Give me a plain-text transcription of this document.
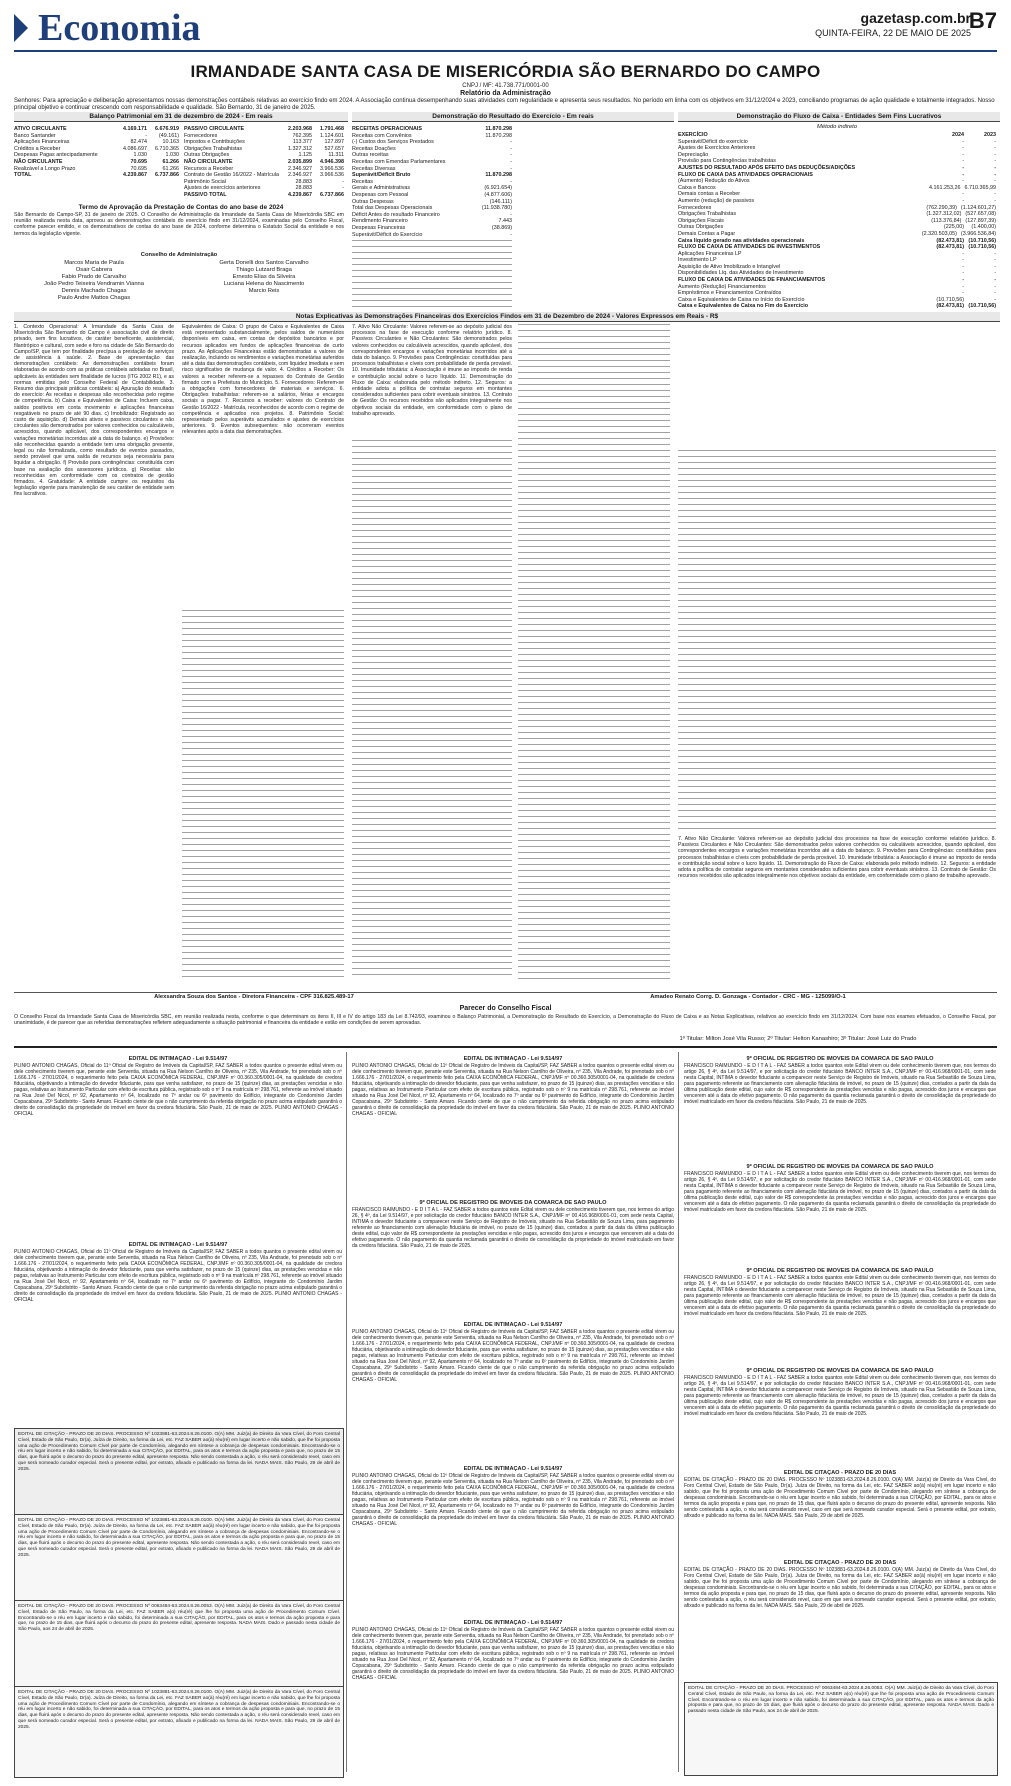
Economia	gazetasp.com.br
QUINTA-FEIRA, 22 DE MAIO DE 2025
B7
IRMANDADE SANTA CASA DE MISERICÓRDIA SÃO BERNARDO DO CAMPO
CNPJ / MF: 41.738.771/0001-00
Relatório da Administração
Senhores: Para apreciação e deliberação apresentamos nossas demonstrações contábeis relativas ao exercício findo em 2024. A Associação continua desempenhando suas atividades com regularidade e apresenta seus resultados. No período em linha com os objetivos em 31/12/2024 e 2023, conciliando programas de ação qualidade e totalmente integrados. Nosso principal objetivo e continuar crescendo com responsabilidade e qualidade. São Bernardo, 31 de janeiro de 2025.
Balanço Patrimonial em 31 de dezembro de 2024 - Em reais	Demonstração do Resultado do Exercício - Em reais	Demonstração do Fluxo de Caixa - Entidades Sem Fins Lucrativos
ATIVO CIRCULANTE	4.169.171	6.676.919
Banco Santander	-	(49.161)
Aplicações Financeiras	82.474	10.163
Créditos a Receber	4.086.697	6.710.365
Despesas Pagas antecipadamente	1.030	1.030
NÃO CIRCULANTE	70.695	61.266
Realizável a Longo Prazo	70.695	61.266
TOTAL	4.239.867	6.737.866
PASSIVO CIRCULANTE	2.203.968	1.791.468
Fornecedores	762.395	1.124.601
Impostos e Contribuições	113.377	127.897
Obrigações Trabalhistas	1.327.312	527.657
Outras Obrigações	1.125	11.311
NÃO CIRCULANTE	2.035.899	4.946.398
Recursos a Receber	2.346.927	3.966.536
Contrato de Gestão 16/2022 - Matrícula	2.346.927	3.966.536
Patrimônio Social	28.883	-
Ajustes de exercícios anteriores	28.883	-
PASSIVO TOTAL	4.239.867	6.737.866
Termo de Aprovação da Prestação de Contas do ano base de 2024
São Bernardo do Campo-SP, 31 de janeiro de 2025. O Conselho de Administração da Irmandade da Santa Casa de Misericórdia SBC em reunião realizada nesta data, aprovou as demonstrações contábeis do exercício findo em 31/12/2024, examinadas pelo Conselho Fiscal, conforme parecer emitido, e os demonstrativos de contas do ano base de 2024, conforme determina o Estatuto Social da entidade e nos termos da legislação vigente.
Conselho de Administração
Marcos Maria de Paula
Osair Cabrera
Fabio Prado de Carvalho
João Pedro Teixeira Vendramin Vianna
Dennis Machado Chagas
Paulo Andre Mattos Chagas
Gerta Donelli dos Santos Carvalho
Thiago Lutzard Braga
Ernesto Elias da Silveira
Luciana Helena do Nascimento
Marcio Reis
Notas Explicativas às Demonstrações Financeiras dos Exercícios Findos em 31 de Dezembro de 2024 - Valores Expressos em Reais - R$
1. Contexto Operacional: A Irmandade da Santa Casa de Misericórdia São Bernardo do Campo é associação civil de direito privado, sem fins lucrativos, de caráter beneficente, assistencial, filantrópico e cultural, com sede e foro na cidade de São Bernardo do Campo/SP, que tem por finalidade precípua a prestação de serviços de assistência à saúde. 2. Base de apresentação das demonstrações contábeis: As demonstrações contábeis foram elaboradas de acordo com as práticas contábeis adotadas no Brasil, aplicáveis às entidades sem finalidade de lucros (ITG 2002 R1), e as normas emitidas pelo Conselho Federal de Contabilidade. 3. Resumo das principais práticas contábeis: a) Apuração do resultado do exercício: As receitas e despesas são reconhecidas pelo regime de competência. b) Caixa e Equivalentes de Caixa: Incluem caixa, saldos positivos em conta movimento e aplicações financeiras resgatáveis no prazo de até 90 dias. c) Imobilizado: Registrado ao custo de aquisição. d) Demais ativos e passivos circulantes e não circulantes são demonstrados por valores conhecidos ou calculáveis, acrescidos, quando aplicável, dos correspondentes encargos e variações monetárias incorridas até a data do balanço. e) Provisões: são reconhecidas quando a entidade tem uma obrigação presente, legal ou não formalizada, como resultado de eventos passados, sendo provável que uma saída de recursos seja necessária para liquidar a obrigação. f) Provisão para contingências: constituída com base na avaliação dos assessores jurídicos. g) Receitas: são reconhecidas em conformidade com os contratos de gestão firmados. 4. Gratuidade: A entidade cumpre os requisitos da legislação vigente para manutenção de seu caráter de entidade sem fins lucrativos.
Equivalentes de Caixa: O grupo de Caixa e Equivalentes de Caixa está representado substancialmente, pelos saldos de numerários disponíveis em caixa, em contas de depósitos bancários e por recursos aplicados em fundos de aplicações financeiras de curto prazo. As Aplicações Financeiras estão demonstradas a valores de realização, incluindo os rendimentos e variações monetárias auferidos até a data das demonstrações contábeis, com liquidez imediata e sem risco significativo de mudança de valor. 4. Créditos a Receber: Os valores a receber referem-se a repasses do Contrato de Gestão firmado com a Prefeitura do Município. 5. Fornecedores: Referem-se a obrigações com fornecedores de materiais e serviços. 6. Obrigações trabalhistas: referem-se a salários, férias e encargos sociais a pagar. 7. Recursos a receber: valores do Contrato de Gestão 16/2022 - Matrícula, reconhecidos de acordo com o regime de competência e aplicados nos projetos. 8. Patrimônio Social: representado pelos superávits acumulados e ajustes de exercícios anteriores. 9. Eventos subsequentes: não ocorreram eventos relevantes após a data das demonstrações.
RECEITAS OPERACIONAIS	11.870.298
Receitas com Convênios	11.870.298
(-) Custos dos Serviços Prestados	-
Receitas Doações	-
Outras receitas	-
Receitas com Emendas Parlamentares	-
Receitas Diversas	-
Superávit/Déficit Bruto	11.870.298
Receitas	-
Gerais e Administrativas	(6.921.654)
Despesas com Pessoal	(4.877.606)
Outras Despesas	(146.111)
Total das Despesas Operacionais	(11.938.780)
Déficit Antes do resultado Financeiro	-
Rendimento Financeiro	7.443
Despesas Financeiras	(38.869)
Superávit/Déficit do Exercício	-
7. Ativo Não Circulante: Valores referem-se ao depósito judicial dos processos na fase de execução conforme relatório jurídico. 8. Passivos Circulantes e Não Circulantes: São demonstrados pelos valores conhecidos ou calculáveis acrescidos, quando aplicável, dos correspondentes encargos e variações monetárias incorridos até a data do balanço. 9. Provisões para Contingências: constituídas para processos trabalhistas e cíveis com probabilidade de perda provável. 10. Imunidade tributária: a Associação é imune ao imposto de renda e contribuição social sobre o lucro líquido. 11. Demonstração do Fluxo de Caixa: elaborada pelo método indireto. 12. Seguros: a entidade adota a política de contratar seguros em montantes considerados suficientes para cobrir eventuais sinistros. 13. Contrato de Gestão: Os recursos recebidos são aplicados integralmente nos objetivos sociais da entidade, em conformidade com o plano de trabalho aprovado.
Método indireto
EXERCÍCIO	2024	2023
Superávit/Déficit do exercício	-	-
Ajustes de Exercícios Anteriores	-	-
Depreciação	-	-
Provisão para Contingências trabalhistas	-	-
AJUSTES DO RESULTADO APÓS EFEITO DAS DEDUÇÕES/ADIÇÕES	-	-
FLUXO DE CAIXA DAS ATIVIDADES OPERACIONAIS	-	-
(Aumento) Redução do Ativos	-	-
Caixa e Bancos	4.161.253,26 6.710.365,99
Demais contas a Receber	-	-
Aumento (redução) de passivos	-	-
Fornecedores	(762.290,39) (1.124.601,27)
Obrigações Trabalhistas	(1.327.312,02) (527.657,08)
Obrigações Fiscais	(113.376,84) (127.897,39)
Outras Obrigações	(225,00)	(1.400,00)
Demais Contas a Pagar	(2.320.503,05) (3.966.536,84)
Caixa líquido gerado nas atividades operacionais	(82.473,81) (10.710,56)
FLUXO DE CAIXA DE ATIVIDADES DE INVESTIMENTOS	(82.473,81) (10.710,56)
Aplicações Financeiras LP	-	-
Investimento LP	-	-
Aquisição de Ativo Imobilizado e Intangível	-	-
Disponibilidades Líq. das Atividades de Investimento	-	-
FLUXO DE CAIXA DE ATIVIDADES DE FINANCIAMENTOS	-	-
Aumento (Redução) Financiamentos	-	-
Empréstimos e Financiamentos Contraídos	-	-
Caixa e Equivalentes de Caixa no Início do Exercício	(10.710,56)	-
Caixa e Equivalentes de Caixa no Fim do Exercício	(82.473,81) (10.710,56)
7. Ativo Não Circulante: Valores referem-se ao depósito judicial dos processos na fase de execução conforme relatório jurídico. 8. Passivos Circulantes e Não Circulantes: São demonstrados pelos valores conhecidos ou calculáveis acrescidos, quando aplicável, dos correspondentes encargos e variações monetárias incorridos até a data do balanço. 9. Provisões para Contingências: constituídas para processos trabalhistas e cíveis com probabilidade de perda provável. 10. Imunidade tributária: a Associação é imune ao imposto de renda e contribuição social sobre o lucro líquido. 11. Demonstração do Fluxo de Caixa: elaborada pelo método indireto. 12. Seguros: a entidade adota a política de contratar seguros em montantes considerados suficientes para cobrir eventuais sinistros. 13. Contrato de Gestão: Os recursos recebidos são aplicados integralmente nos objetivos sociais da entidade, em conformidade com o plano de trabalho aprovado.
Alexsandra Souza dos Santos - Diretora Financeira - CPF 316.825.489-17	Amadeo Renato Corrg. D. Gonzaga - Contador - CRC - MG - 125099/O-1
Parecer do Conselho Fiscal
O Conselho Fiscal da Irmandade Santa Casa de Misericórdia SBC, em reunião realizada nesta, conforme o que determinam os itens II, III e IV do artigo 183 da Lei 8.742/93, examinou o Balanço Patrimonial, a Demonstração do Resultado do Exercício, a Demonstração do Fluxo de Caixa e as Notas Explicativas, relativos ao exercício findo em 31/12/2024. Com base nos exames efetuados, o Conselho Fiscal, por unanimidade, é de parecer que as referidas demonstrações refletem adequadamente a situação patrimonial e financeira da entidade e estão em condições de serem aprovadas.
1º Titular: Milton José Vila Russo; 2º Titular: Helton Kanashiro; 3º Titular: José Luiz do Prado
EDITAL DE INTIMAÇÃO - Lei 9.514/97
PLINIO ANTONIO CHAGAS, Oficial do 11º Oficial de Registro de Imóveis da Capital/SP, FAZ SABER a todos quantos o presente edital virem ou dele conhecimento tiverem que, perante este Serventia, situada na Rua Nelson Carrilho de Oliveira, nº 235, Vila Andrade, foi prenotado sob o nº 1.666.176 - 27/01/2024, o requerimento feito pela CAIXA ECONÔMICA FEDERAL, CNPJ/MF nº 00.360.305/0001-04, na qualidade de credora fiduciária, objetivando a intimação do devedor fiduciante, para que venha satisfazer, no prazo de 15 (quinze) dias, as prestações vencidas e não pagas, relativas ao Instrumento Particular com efeito de escritura pública, registrado sob o nº 9 na matrícula nº 298.761, referente ao imóvel situado na Rua José Del Nicol, nº 92, Apartamento nº 64, localizado no 7º andar ou 6º pavimento do Edifício, integrante do Condomínio Jardim Copacabana, 29º Subdistrito - Santo Amaro. Ficando ciente de que o não cumprimento da referida obrigação no prazo acima estipulado garantirá o direito de consolidação da propriedade do imóvel em favor da credora fiduciária. São Paulo, 21 de maio de 2025. PLINIO ANTONIO CHAGAS - OFICIAL
EDITAL DE INTIMAÇÃO - Lei 9.514/97
PLINIO ANTONIO CHAGAS, Oficial do 11º Oficial de Registro de Imóveis da Capital/SP, FAZ SABER a todos quantos o presente edital virem ou dele conhecimento tiverem que, perante este Serventia, situada na Rua Nelson Carrilho de Oliveira, nº 235, Vila Andrade, foi prenotado sob o nº 1.666.176 - 27/01/2024, o requerimento feito pela CAIXA ECONÔMICA FEDERAL, CNPJ/MF nº 00.360.305/0001-04, na qualidade de credora fiduciária, objetivando a intimação do devedor fiduciante, para que venha satisfazer, no prazo de 15 (quinze) dias, as prestações vencidas e não pagas, relativas ao Instrumento Particular com efeito de escritura pública, registrado sob o nº 9 na matrícula nº 298.761, referente ao imóvel situado na Rua José Del Nicol, nº 92, Apartamento nº 64, localizado no 7º andar ou 6º pavimento do Edifício, integrante do Condomínio Jardim Copacabana, 29º Subdistrito - Santo Amaro. Ficando ciente de que o não cumprimento da referida obrigação no prazo acima estipulado garantirá o direito de consolidação da propriedade do imóvel em favor da credora fiduciária. São Paulo, 21 de maio de 2025. PLINIO ANTONIO CHAGAS - OFICIAL
EDITAL DE CITAÇÃO - PRAZO DE 20 DIAS. PROCESSO Nº 1023881-63.2024.8.26.0100. O(A) MM. Juiz(a) de Direito da Vara Cível, do Foro Central Cível, Estado de São Paulo, Dr(a). Juíza de Direito, na forma da Lei, etc. FAZ SABER ao(à) réu(ré) em lugar incerto e não sabido, que lhe foi proposta uma ação de Procedimento Comum Cível por parte de Condomínio, alegando em síntese a cobrança de despesas condominiais. Encontrando-se o réu em lugar incerto e não sabido, foi determinada a sua CITAÇÃO, por EDITAL, para os atos e termos da ação proposta e para que, no prazo de 15 dias, que fluirá após o decurso do prazo do presente edital, apresente resposta. Não sendo contestada a ação, o réu será considerado revel, caso em que será nomeado curador especial. Será o presente edital, por extrato, afixado e publicado na forma da lei. NADA MAIS. São Paulo, 29 de abril de 2025.
EDITAL DE CITAÇÃO - PRAZO DE 20 DIAS. PROCESSO Nº 1023881-63.2024.8.26.0100. O(A) MM. Juiz(a) de Direito da Vara Cível, do Foro Central Cível, Estado de São Paulo, Dr(a). Juíza de Direito, na forma da Lei, etc. FAZ SABER ao(à) réu(ré) em lugar incerto e não sabido, que lhe foi proposta uma ação de Procedimento Comum Cível por parte de Condomínio, alegando em síntese a cobrança de despesas condominiais. Encontrando-se o réu em lugar incerto e não sabido, foi determinada a sua CITAÇÃO, por EDITAL, para os atos e termos da ação proposta e para que, no prazo de 15 dias, que fluirá após o decurso do prazo do presente edital, apresente resposta. Não sendo contestada a ação, o réu será considerado revel, caso em que será nomeado curador especial. Será o presente edital, por extrato, afixado e publicado na forma da lei. NADA MAIS. São Paulo, 29 de abril de 2025.
EDITAL DE CITAÇÃO - PRAZO DE 20 DIAS. PROCESSO Nº 0063484-63.2024.8.26.0053. O(A) MM. Juiz(a) de Direito da Vara Cível, do Foro Central Cível, Estado de São Paulo, na forma da Lei, etc. FAZ SABER a(o) réu(ré) que lhe foi proposta uma ação de Procedimento Comum Cível. Encontrando-se o réu em lugar incerto e não sabido, foi determinada a sua CITAÇÃO, por EDITAL, para os atos e termos da ação proposta e para que, no prazo de 15 dias, que fluirá após o decurso do prazo do presente edital, apresente resposta. NADA MAIS. Dado e passado nesta cidade de São Paulo, aos 24 de abril de 2025.
EDITAL DE CITAÇÃO - PRAZO DE 20 DIAS. PROCESSO Nº 1023881-63.2024.8.26.0100. O(A) MM. Juiz(a) de Direito da Vara Cível, do Foro Central Cível, Estado de São Paulo, Dr(a). Juíza de Direito, na forma da Lei, etc. FAZ SABER ao(à) réu(ré) em lugar incerto e não sabido, que lhe foi proposta uma ação de Procedimento Comum Cível por parte de Condomínio, alegando em síntese a cobrança de despesas condominiais. Encontrando-se o réu em lugar incerto e não sabido, foi determinada a sua CITAÇÃO, por EDITAL, para os atos e termos da ação proposta e para que, no prazo de 15 dias, que fluirá após o decurso do prazo do presente edital, apresente resposta. Não sendo contestada a ação, o réu será considerado revel, caso em que será nomeado curador especial. Será o presente edital, por extrato, afixado e publicado na forma da lei. NADA MAIS. São Paulo, 29 de abril de 2025.
EDITAL DE INTIMAÇÃO - Lei 9.514/97
PLINIO ANTONIO CHAGAS, Oficial do 11º Oficial de Registro de Imóveis da Capital/SP, FAZ SABER a todos quantos o presente edital virem ou dele conhecimento tiverem que, perante este Serventia, situada na Rua Nelson Carrilho de Oliveira, nº 235, Vila Andrade, foi prenotado sob o nº 1.666.176 - 27/01/2024, o requerimento feito pela CAIXA ECONÔMICA FEDERAL, CNPJ/MF nº 00.360.305/0001-04, na qualidade de credora fiduciária, objetivando a intimação do devedor fiduciante, para que venha satisfazer, no prazo de 15 (quinze) dias, as prestações vencidas e não pagas, relativas ao Instrumento Particular com efeito de escritura pública, registrado sob o nº 9 na matrícula nº 298.761, referente ao imóvel situado na Rua José Del Nicol, nº 92, Apartamento nº 64, localizado no 7º andar ou 6º pavimento do Edifício, integrante do Condomínio Jardim Copacabana, 29º Subdistrito - Santo Amaro. Ficando ciente de que o não cumprimento da referida obrigação no prazo acima estipulado garantirá o direito de consolidação da propriedade do imóvel em favor da credora fiduciária. São Paulo, 21 de maio de 2025. PLINIO ANTONIO CHAGAS - OFICIAL
9º OFICIAL DE REGISTRO DE IMÓVEIS DA COMARCA DE SÃO PAULO
FRANCISCO RAIMUNDO - E D I T A L - FAZ SABER a todos quantos este Edital virem ou dele conhecimento tiverem que, nos termos do artigo 26, § 4º, da Lei 9.514/97, e por solicitação do credor fiduciário BANCO INTER S.A., CNPJ/MF nº 00.416.968/0001-01, com sede nesta Capital, INTIMA o devedor fiduciante a comparecer neste Serviço de Registro de Imóveis, situado na Rua Sebastião de Souza Lima, para pagamento referente ao financiamento com alienação fiduciária de imóvel, no prazo de 15 (quinze) dias, contados a partir da data da última publicação deste edital, cujo valor de R$ correspondente às prestações vencidas e não pagas, acrescido dos juros e encargos que vencerem até a data do efetivo pagamento. O não pagamento da quantia reclamada garantirá o direito de consolidação da propriedade do imóvel matriculado em favor da credora fiduciária. São Paulo, 21 de maio de 2025.
EDITAL DE INTIMAÇÃO - Lei 9.514/97
PLINIO ANTONIO CHAGAS, Oficial do 11º Oficial de Registro de Imóveis da Capital/SP, FAZ SABER a todos quantos o presente edital virem ou dele conhecimento tiverem que, perante este Serventia, situada na Rua Nelson Carrilho de Oliveira, nº 235, Vila Andrade, foi prenotado sob o nº 1.666.176 - 27/01/2024, o requerimento feito pela CAIXA ECONÔMICA FEDERAL, CNPJ/MF nº 00.360.305/0001-04, na qualidade de credora fiduciária, objetivando a intimação do devedor fiduciante, para que venha satisfazer, no prazo de 15 (quinze) dias, as prestações vencidas e não pagas, relativas ao Instrumento Particular com efeito de escritura pública, registrado sob o nº 9 na matrícula nº 298.761, referente ao imóvel situado na Rua José Del Nicol, nº 92, Apartamento nº 64, localizado no 7º andar ou 6º pavimento do Edifício, integrante do Condomínio Jardim Copacabana, 29º Subdistrito - Santo Amaro. Ficando ciente de que o não cumprimento da referida obrigação no prazo acima estipulado garantirá o direito de consolidação da propriedade do imóvel em favor da credora fiduciária. São Paulo, 21 de maio de 2025. PLINIO ANTONIO CHAGAS - OFICIAL
EDITAL DE INTIMAÇÃO - Lei 9.514/97
PLINIO ANTONIO CHAGAS, Oficial do 11º Oficial de Registro de Imóveis da Capital/SP, FAZ SABER a todos quantos o presente edital virem ou dele conhecimento tiverem que, perante este Serventia, situada na Rua Nelson Carrilho de Oliveira, nº 235, Vila Andrade, foi prenotado sob o nº 1.666.176 - 27/01/2024, o requerimento feito pela CAIXA ECONÔMICA FEDERAL, CNPJ/MF nº 00.360.305/0001-04, na qualidade de credora fiduciária, objetivando a intimação do devedor fiduciante, para que venha satisfazer, no prazo de 15 (quinze) dias, as prestações vencidas e não pagas, relativas ao Instrumento Particular com efeito de escritura pública, registrado sob o nº 9 na matrícula nº 298.761, referente ao imóvel situado na Rua José Del Nicol, nº 92, Apartamento nº 64, localizado no 7º andar ou 6º pavimento do Edifício, integrante do Condomínio Jardim Copacabana, 29º Subdistrito - Santo Amaro. Ficando ciente de que o não cumprimento da referida obrigação no prazo acima estipulado garantirá o direito de consolidação da propriedade do imóvel em favor da credora fiduciária. São Paulo, 21 de maio de 2025. PLINIO ANTONIO CHAGAS - OFICIAL
EDITAL DE INTIMAÇÃO - Lei 9.514/97
PLINIO ANTONIO CHAGAS, Oficial do 11º Oficial de Registro de Imóveis da Capital/SP, FAZ SABER a todos quantos o presente edital virem ou dele conhecimento tiverem que, perante este Serventia, situada na Rua Nelson Carrilho de Oliveira, nº 235, Vila Andrade, foi prenotado sob o nº 1.666.176 - 27/01/2024, o requerimento feito pela CAIXA ECONÔMICA FEDERAL, CNPJ/MF nº 00.360.305/0001-04, na qualidade de credora fiduciária, objetivando a intimação do devedor fiduciante, para que venha satisfazer, no prazo de 15 (quinze) dias, as prestações vencidas e não pagas, relativas ao Instrumento Particular com efeito de escritura pública, registrado sob o nº 9 na matrícula nº 298.761, referente ao imóvel situado na Rua José Del Nicol, nº 92, Apartamento nº 64, localizado no 7º andar ou 6º pavimento do Edifício, integrante do Condomínio Jardim Copacabana, 29º Subdistrito - Santo Amaro. Ficando ciente de que o não cumprimento da referida obrigação no prazo acima estipulado garantirá o direito de consolidação da propriedade do imóvel em favor da credora fiduciária. São Paulo, 21 de maio de 2025. PLINIO ANTONIO CHAGAS - OFICIAL
9º OFICIAL DE REGISTRO DE IMÓVEIS DA COMARCA DE SÃO PAULO
FRANCISCO RAIMUNDO - E D I T A L - FAZ SABER a todos quantos este Edital virem ou dele conhecimento tiverem que, nos termos do artigo 26, § 4º, da Lei 9.514/97, e por solicitação do credor fiduciário BANCO INTER S.A., CNPJ/MF nº 00.416.968/0001-01, com sede nesta Capital, INTIMA o devedor fiduciante a comparecer neste Serviço de Registro de Imóveis, situado na Rua Sebastião de Souza Lima, para pagamento referente ao financiamento com alienação fiduciária de imóvel, no prazo de 15 (quinze) dias, contados a partir da data da última publicação deste edital, cujo valor de R$ correspondente às prestações vencidas e não pagas, acrescido dos juros e encargos que vencerem até a data do efetivo pagamento. O não pagamento da quantia reclamada garantirá o direito de consolidação da propriedade do imóvel matriculado em favor da credora fiduciária. São Paulo, 21 de maio de 2025.
9º OFICIAL DE REGISTRO DE IMÓVEIS DA COMARCA DE SÃO PAULO
FRANCISCO RAIMUNDO - E D I T A L - FAZ SABER a todos quantos este Edital virem ou dele conhecimento tiverem que, nos termos do artigo 26, § 4º, da Lei 9.514/97, e por solicitação do credor fiduciário BANCO INTER S.A., CNPJ/MF nº 00.416.968/0001-01, com sede nesta Capital, INTIMA o devedor fiduciante a comparecer neste Serviço de Registro de Imóveis, situado na Rua Sebastião de Souza Lima, para pagamento referente ao financiamento com alienação fiduciária de imóvel, no prazo de 15 (quinze) dias, contados a partir da data da última publicação deste edital, cujo valor de R$ correspondente às prestações vencidas e não pagas, acrescido dos juros e encargos que vencerem até a data do efetivo pagamento. O não pagamento da quantia reclamada garantirá o direito de consolidação da propriedade do imóvel matriculado em favor da credora fiduciária. São Paulo, 21 de maio de 2025.
9º OFICIAL DE REGISTRO DE IMÓVEIS DA COMARCA DE SÃO PAULO
FRANCISCO RAIMUNDO - E D I T A L - FAZ SABER a todos quantos este Edital virem ou dele conhecimento tiverem que, nos termos do artigo 26, § 4º, da Lei 9.514/97, e por solicitação do credor fiduciário BANCO INTER S.A., CNPJ/MF nº 00.416.968/0001-01, com sede nesta Capital, INTIMA o devedor fiduciante a comparecer neste Serviço de Registro de Imóveis, situado na Rua Sebastião de Souza Lima, para pagamento referente ao financiamento com alienação fiduciária de imóvel, no prazo de 15 (quinze) dias, contados a partir da data da última publicação deste edital, cujo valor de R$ correspondente às prestações vencidas e não pagas, acrescido dos juros e encargos que vencerem até a data do efetivo pagamento. O não pagamento da quantia reclamada garantirá o direito de consolidação da propriedade do imóvel matriculado em favor da credora fiduciária. São Paulo, 21 de maio de 2025.
9º OFICIAL DE REGISTRO DE IMÓVEIS DA COMARCA DE SÃO PAULO
FRANCISCO RAIMUNDO - E D I T A L - FAZ SABER a todos quantos este Edital virem ou dele conhecimento tiverem que, nos termos do artigo 26, § 4º, da Lei 9.514/97, e por solicitação do credor fiduciário BANCO INTER S.A., CNPJ/MF nº 00.416.968/0001-01, com sede nesta Capital, INTIMA o devedor fiduciante a comparecer neste Serviço de Registro de Imóveis, situado na Rua Sebastião de Souza Lima, para pagamento referente ao financiamento com alienação fiduciária de imóvel, no prazo de 15 (quinze) dias, contados a partir da data da última publicação deste edital, cujo valor de R$ correspondente às prestações vencidas e não pagas, acrescido dos juros e encargos que vencerem até a data do efetivo pagamento. O não pagamento da quantia reclamada garantirá o direito de consolidação da propriedade do imóvel matriculado em favor da credora fiduciária. São Paulo, 21 de maio de 2025.
EDITAL DE CITAÇÃO - PRAZO DE 20 DIAS
EDITAL DE CITAÇÃO - PRAZO DE 20 DIAS. PROCESSO Nº 1023881-63.2024.8.26.0100. O(A) MM. Juiz(a) de Direito da Vara Cível, do Foro Central Cível, Estado de São Paulo, Dr(a). Juíza de Direito, na forma da Lei, etc. FAZ SABER ao(à) réu(ré) em lugar incerto e não sabido, que lhe foi proposta uma ação de Procedimento Comum Cível por parte de Condomínio, alegando em síntese a cobrança de despesas condominiais. Encontrando-se o réu em lugar incerto e não sabido, foi determinada a sua CITAÇÃO, por EDITAL, para os atos e termos da ação proposta e para que, no prazo de 15 dias, que fluirá após o decurso do prazo do presente edital, apresente resposta. Não sendo contestada a ação, o réu será considerado revel, caso em que será nomeado curador especial. Será o presente edital, por extrato, afixado e publicado na forma da lei. NADA MAIS. São Paulo, 29 de abril de 2025.
EDITAL DE CITAÇÃO - PRAZO DE 20 DIAS
EDITAL DE CITAÇÃO - PRAZO DE 20 DIAS. PROCESSO Nº 1023881-63.2024.8.26.0100. O(A) MM. Juiz(a) de Direito da Vara Cível, do Foro Central Cível, Estado de São Paulo, Dr(a). Juíza de Direito, na forma da Lei, etc. FAZ SABER ao(à) réu(ré) em lugar incerto e não sabido, que lhe foi proposta uma ação de Procedimento Comum Cível por parte de Condomínio, alegando em síntese a cobrança de despesas condominiais. Encontrando-se o réu em lugar incerto e não sabido, foi determinada a sua CITAÇÃO, por EDITAL, para os atos e termos da ação proposta e para que, no prazo de 15 dias, que fluirá após o decurso do prazo do presente edital, apresente resposta. Não sendo contestada a ação, o réu será considerado revel, caso em que será nomeado curador especial. Será o presente edital, por extrato, afixado e publicado na forma da lei. NADA MAIS. São Paulo, 29 de abril de 2025.
EDITAL DE CITAÇÃO - PRAZO DE 20 DIAS. PROCESSO Nº 0063484-63.2024.8.26.0053. O(A) MM. Juiz(a) de Direito da Vara Cível, do Foro Central Cível, Estado de São Paulo, na forma da Lei, etc. FAZ SABER a(o) réu(ré) que lhe foi proposta uma ação de Procedimento Comum Cível. Encontrando-se o réu em lugar incerto e não sabido, foi determinada a sua CITAÇÃO, por EDITAL, para os atos e termos da ação proposta e para que, no prazo de 15 dias, que fluirá após o decurso do prazo do presente edital, apresente resposta. NADA MAIS. Dado e passado nesta cidade de São Paulo, aos 24 de abril de 2025.
